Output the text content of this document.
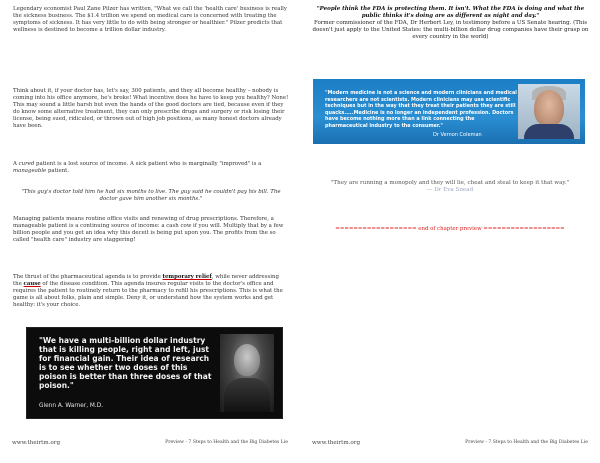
Legendary economist Paul Zane Pilzer has written, "What we call the 'health care' business is really the sickness business. The $1.4 trillion we spend on medical care is concerned with treating the symptoms of sickness. It has very little to do with being stronger or healthier." Pilzer predicts that wellness is destined to become a trillion dollar industry.
Think about it, if your doctor has, let's say, 300 patients, and they all become healthy – nobody is coming into his office anymore, he's broke! What incentive does he have to keep you healthy? None! This may sound a little harsh but even the hands of the good doctors are tied, because even if they do know some alternative treatment, they can only prescribe drugs and surgery or risk losing their license, being sued, ridiculed, or thrown out of high job positions, as many honest doctors already have been.
A cured patient is a lost source of income. A sick patient who is marginally "improved" is a manageable patient.
"This guy's doctor told him he had six months to live. The guy said he couldn't pay his bill. The doctor gave him another six months."
Managing patients means routine office visits and renewing of drug prescriptions. Therefore, a manageable patient is a continuing source of income: a cash cow if you will. Multiply that by a few billion people and you get an idea why this deceit is being put upon you. The profits from the so called "health care" industry are staggering!
The thrust of the pharmaceutical agenda is to provide temporary relief, while never addressing the cause of the disease condition. This agenda insures regular visits to the doctor's office and requires the patient to routinely return to the pharmacy to refill his prescriptions. This is what the game is all about folks, plain and simple. Deny it, or understand how the system works and get healthy: it's your choice.
"We have a multi-billion dollar industry that is killing people, right and left, just for financial gain. Their idea of research is to see whether two doses of this poison is better than three doses of that poison."
Glenn A. Warner, M.D.
www.theirtm.org	Preview - 7 Steps to Health and the Big Diabetes Lie
"People think the FDA is protecting them. It isn't. What the FDA is doing and what the public thinks it's doing are as different as night and day."
Former commissioner of the FDA, Dr Herbert Ley, in testimony before a US Senate hearing. (This doesn't just apply to the United States: the multi-billion dollar drug companies have their grasp on every country in the world)
"Modern medicine is not a science and modern clinicians and medical researchers are not scientists. Modern clinicians may use scientific techniques but in the way that they treat their patients they are still quacks.....Medicine is no longer an independent profession. Doctors have become nothing more than a link connecting the pharmaceutical industry to the consumer."
Dr Vernon Coleman
"They are running a monopoly and they will lie, cheat and steal to keep it that way."
— Dr Eva Snead
================== end of chapter preview ==================
www.theirtm.org	Preview - 7 Steps to Health and the Big Diabetes Lie
